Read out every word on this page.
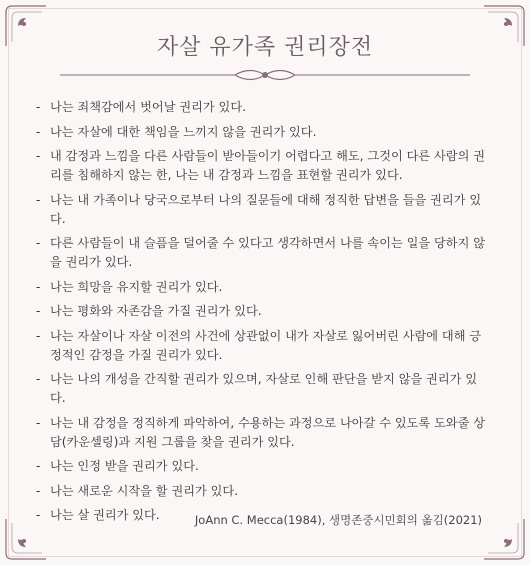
자살 유가족 권리장전
- 나는 죄책감에서 벗어날 권리가 있다.
- 나는 자살에 대한 책임을 느끼지 않을 권리가 있다.
- 내 감정과 느낌을 다른 사람들이 받아들이기 어렵다고 해도, 그것이 다른 사람의 권리를 침해하지 않는 한, 나는 내 감정과 느낌을 표현할 권리가 있다.
- 나는 내 가족이나 당국으로부터 나의 질문들에 대해 정직한 답변을 들을 권리가 있다.
- 다른 사람들이 내 슬픔을 덜어줄 수 있다고 생각하면서 나를 속이는 일을 당하지 않을 권리가 있다.
- 나는 희망을 유지할 권리가 있다.
- 나는 평화와 자존감을 가질 권리가 있다.
- 나는 자살이나 자살 이전의 사건에 상관없이 내가 자살로 잃어버린 사람에 대해 긍정적인 감정을 가질 권리가 있다.
- 나는 나의 개성을 간직할 권리가 있으며, 자살로 인해 판단을 받지 않을 권리가 있다.
- 나는 내 감정을 정직하게 파악하여, 수용하는 과정으로 나아갈 수 있도록 도와줄 상담(카운셀링)과 지원 그룹을 찾을 권리가 있다.
- 나는 인정 받을 권리가 있다.
- 나는 새로운 시작을 할 권리가 있다.
- 나는 살 권리가 있다.	JoAnn C. Mecca(1984), 생명존중시민회의 옮김(2021)
